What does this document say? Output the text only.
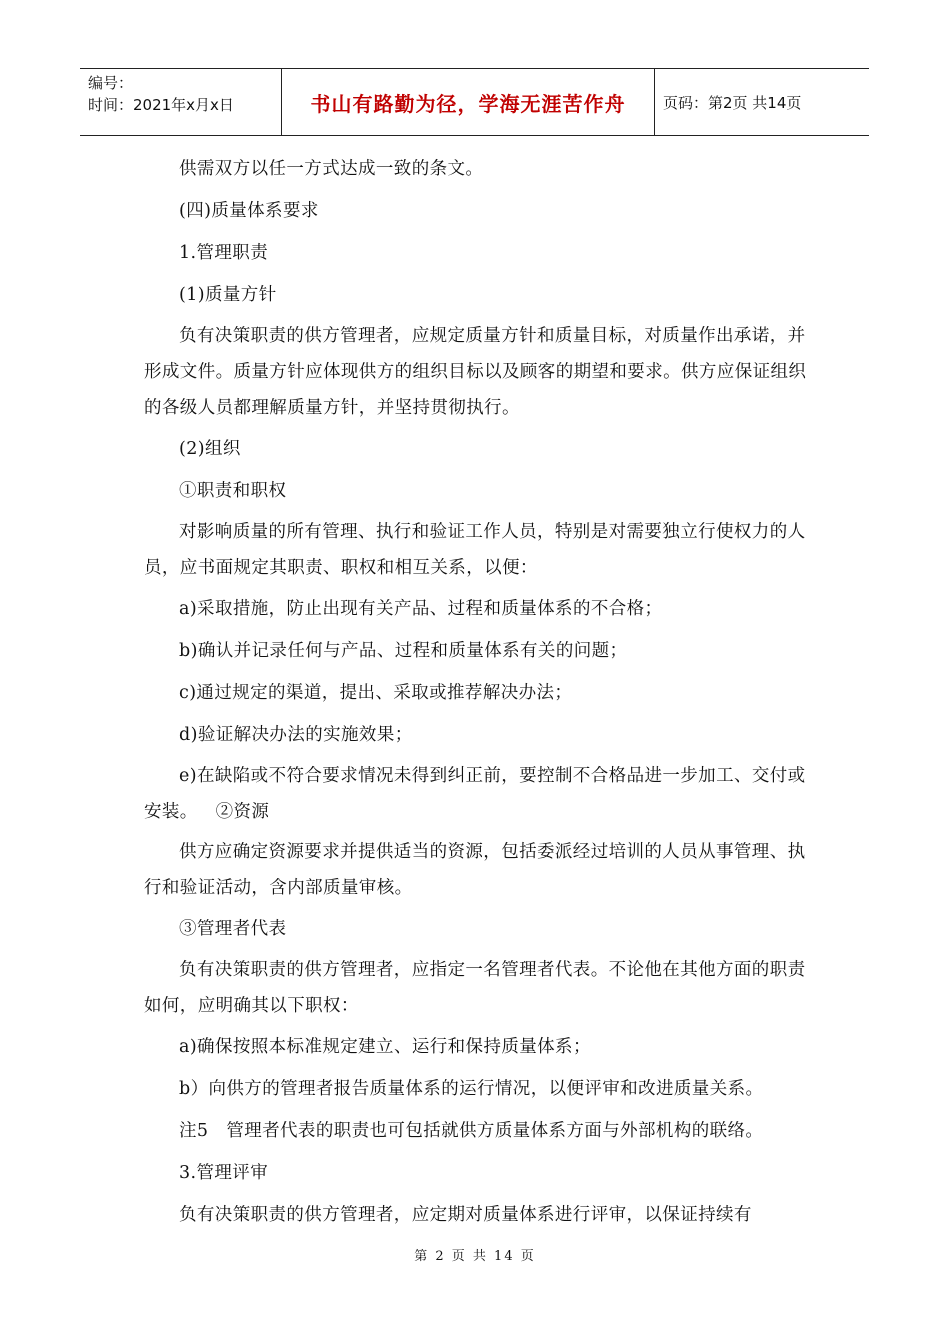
编号：
时间：2021年x月x日	书山有路勤为径，学海无涯苦作舟	页码：第2页 共14页

供需双方以任一方式达成一致的条文。

(四)质量体系要求

1.管理职责

(1)质量方针

负有决策职责的供方管理者，应规定质量方针和质量目标，对质量作出承诺，并形成文件。质量方针应体现供方的组织目标以及顾客的期望和要求。供方应保证组织的各级人员都理解质量方针，并坚持贯彻执行。

(2)组织

①职责和职权

对影响质量的所有管理、执行和验证工作人员，特别是对需要独立行使权力的人员，应书面规定其职责、职权和相互关系，以便：

a)采取措施，防止出现有关产品、过程和质量体系的不合格；

b)确认并记录任何与产品、过程和质量体系有关的问题；

c)通过规定的渠道，提出、采取或推荐解决办法；

d)验证解决办法的实施效果；

e)在缺陷或不符合要求情况未得到纠正前，要控制不合格品进一步加工、交付或安装。   ②资源

供方应确定资源要求并提供适当的资源，包括委派经过培训的人员从事管理、执行和验证活动，含内部质量审核。

③管理者代表

负有决策职责的供方管理者，应指定一名管理者代表。不论他在其他方面的职责如何，应明确其以下职权：

a)确保按照本标准规定建立、运行和保持质量体系；

b）向供方的管理者报告质量体系的运行情况，以便评审和改进质量关系。

注5   管理者代表的职责也可包括就供方质量体系方面与外部机构的联络。

3.管理评审

负有决策职责的供方管理者，应定期对质量体系进行评审，以保证持续有

第 2 页 共 14 页
